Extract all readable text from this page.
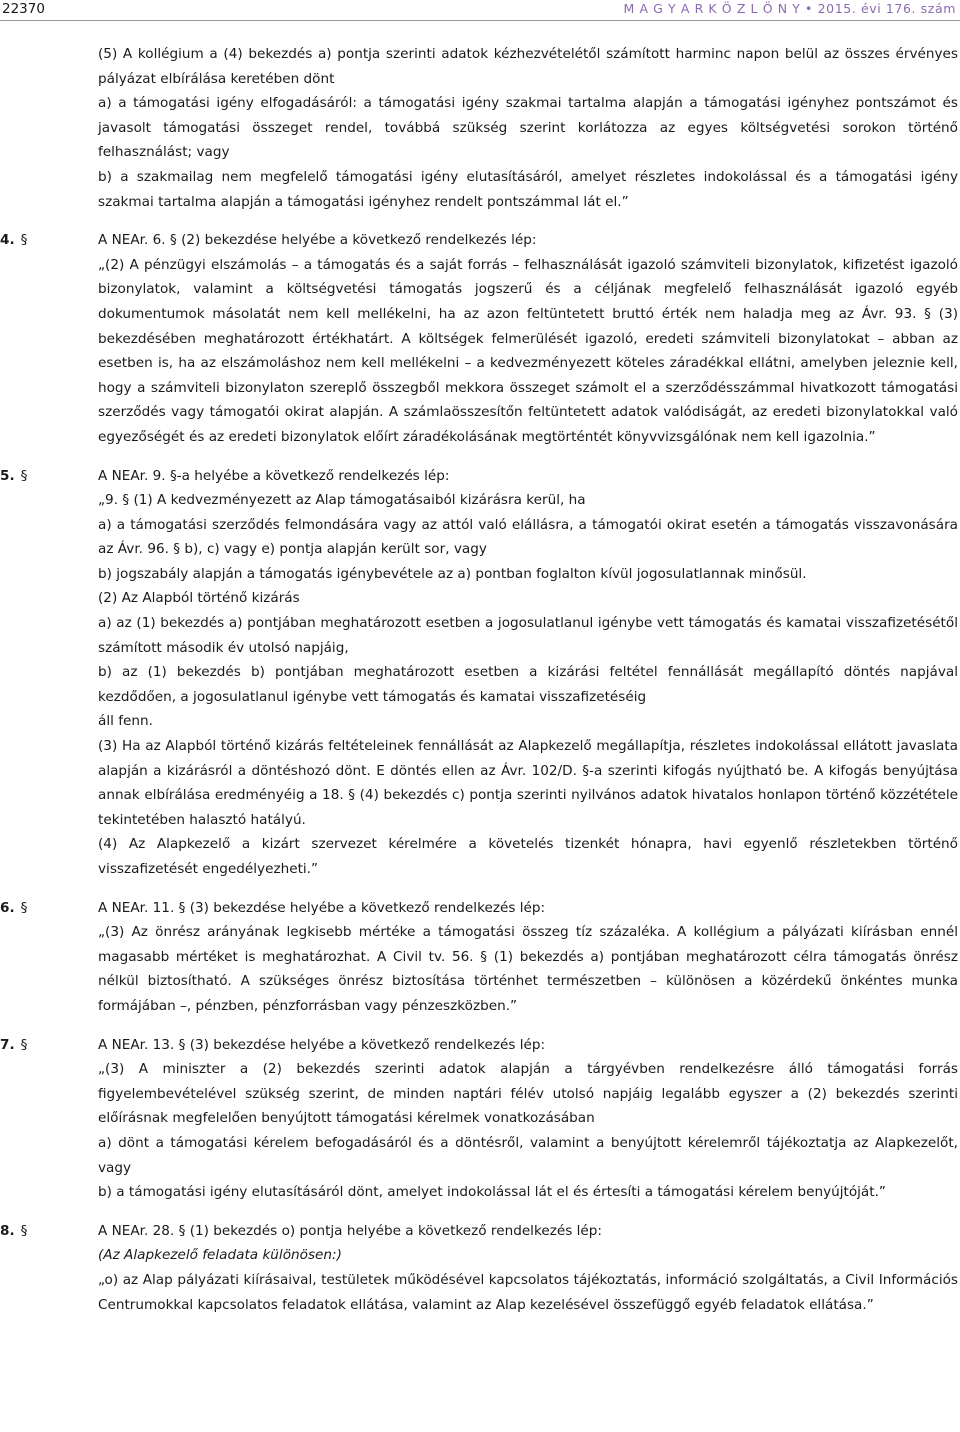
22370	M A G Y A R K Ö Z L Ö N Y • 2015. évi 176. szám

(5) A kollégium a (4) bekezdés a) pontja szerinti adatok kézhezvételétől számított harminc napon belül az összes érvényes pályázat elbírálása keretében dönt

a) a támogatási igény elfogadásáról: a támogatási igény szakmai tartalma alapján a támogatási igényhez pontszámot és javasolt támogatási összeget rendel, továbbá szükség szerint korlátozza az egyes költségvetési sorokon történő felhasználást; vagy

b) a szakmailag nem megfelelő támogatási igény elutasításáról, amelyet részletes indokolással és a támogatási igény szakmai tartalma alapján a támogatási igényhez rendelt pontszámmal lát el.”

4. §	A NEAr. 6. § (2) bekezdése helyébe a következő rendelkezés lép:

„(2) A pénzügyi elszámolás – a támogatás és a saját forrás – felhasználását igazoló számviteli bizonylatok, kifizetést igazoló bizonylatok, valamint a költségvetési támogatás jogszerű és a céljának megfelelő felhasználását igazoló egyéb dokumentumok másolatát nem kell mellékelni, ha az azon feltüntetett bruttó érték nem haladja meg az Ávr. 93. § (3) bekezdésében meghatározott értékhatárt. A költségek felmerülését igazoló, eredeti számviteli bizonylatokat – abban az esetben is, ha az elszámoláshoz nem kell mellékelni – a kedvezményezett köteles záradékkal ellátni, amelyben jeleznie kell, hogy a számviteli bizonylaton szereplő összegből mekkora összeget számolt el a szerződésszámmal hivatkozott támogatási szerződés vagy támogatói okirat alapján. A számlaösszesítőn feltüntetett adatok valódiságát, az eredeti bizonylatokkal való egyezőségét és az eredeti bizonylatok előírt záradékolásának megtörténtét könyvvizsgálónak nem kell igazolnia.”

5. §	A NEAr. 9. §-a helyébe a következő rendelkezés lép:

„9. § (1) A kedvezményezett az Alap támogatásaiból kizárásra kerül, ha

a) a támogatási szerződés felmondására vagy az attól való elállásra, a támogatói okirat esetén a támogatás visszavonására az Ávr. 96. § b), c) vagy e) pontja alapján került sor, vagy

b) jogszabály alapján a támogatás igénybevétele az a) pontban foglalton kívül jogosulatlannak minősül.

(2) Az Alapból történő kizárás

a) az (1) bekezdés a) pontjában meghatározott esetben a jogosulatlanul igénybe vett támogatás és kamatai visszafizetésétől számított második év utolsó napjáig,

b) az (1) bekezdés b) pontjában meghatározott esetben a kizárási feltétel fennállását megállapító döntés napjával kezdődően, a jogosulatlanul igénybe vett támogatás és kamatai visszafizetéséig

áll fenn.

(3) Ha az Alapból történő kizárás feltételeinek fennállását az Alapkezelő megállapítja, részletes indokolással ellátott javaslata alapján a kizárásról a döntéshozó dönt. E döntés ellen az Ávr. 102/D. §-a szerinti kifogás nyújtható be. A kifogás benyújtása annak elbírálása eredményéig a 18. § (4) bekezdés c) pontja szerinti nyilvános adatok hivatalos honlapon történő közzététele tekintetében halasztó hatályú.

(4) Az Alapkezelő a kizárt szervezet kérelmére a követelés tizenkét hónapra, havi egyenlő részletekben történő visszafizetését engedélyezheti.”

6. §	A NEAr. 11. § (3) bekezdése helyébe a következő rendelkezés lép:

„(3) Az önrész arányának legkisebb mértéke a támogatási összeg tíz százaléka. A kollégium a pályázati kiírásban ennél magasabb mértéket is meghatározhat. A Civil tv. 56. § (1) bekezdés a) pontjában meghatározott célra támogatás önrész nélkül biztosítható. A szükséges önrész biztosítása történhet természetben – különösen a közérdekű önkéntes munka formájában –, pénzben, pénzforrásban vagy pénzeszközben.”

7. §	A NEAr. 13. § (3) bekezdése helyébe a következő rendelkezés lép:

„(3) A miniszter a (2) bekezdés szerinti adatok alapján a tárgyévben rendelkezésre álló támogatási forrás figyelembevételével szükség szerint, de minden naptári félév utolsó napjáig legalább egyszer a (2) bekezdés szerinti előírásnak megfelelően benyújtott támogatási kérelmek vonatkozásában

a) dönt a támogatási kérelem befogadásáról és a döntésről, valamint a benyújtott kérelemről tájékoztatja az Alapkezelőt, vagy

b) a támogatási igény elutasításáról dönt, amelyet indokolással lát el és értesíti a támogatási kérelem benyújtóját.”

8. §	A NEAr. 28. § (1) bekezdés o) pontja helyébe a következő rendelkezés lép:

(Az Alapkezelő feladata különösen:)

„o) az Alap pályázati kiírásaival, testületek működésével kapcsolatos tájékoztatás, információ szolgáltatás, a Civil Információs Centrumokkal kapcsolatos feladatok ellátása, valamint az Alap kezelésével összefüggő egyéb feladatok ellátása.”
